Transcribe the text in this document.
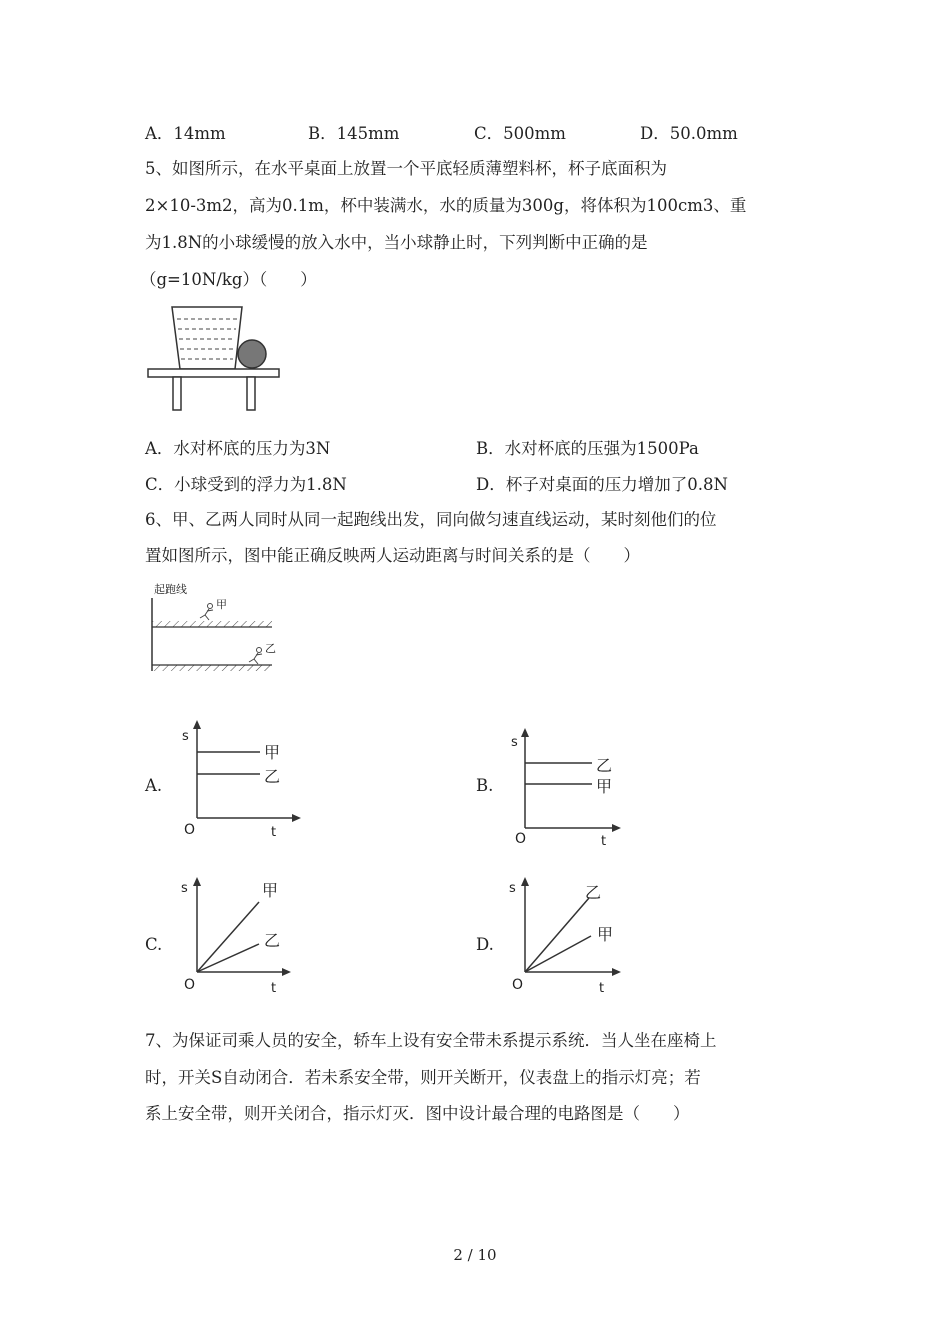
A．14mm	B．145mm	C．500mm	D．50.0mm
5、如图所示，在水平桌面上放置一个平底轻质薄塑料杯，杯子底面积为
2×10-3m2，高为0.1m，杯中装满水，水的质量为300g，将体积为100cm3、重
为1.8N的小球缓慢的放入水中，当小球静止时，下列判断中正确的是
（g=10N/kg）（　　）
A．水对杯底的压力为3N	B．水对杯底的压强为1500Pa
C．小球受到的浮力为1.8N	D．杯子对桌面的压力增加了0.8N
6、甲、乙两人同时从同一起跑线出发，同向做匀速直线运动，某时刻他们的位
置如图所示，图中能正确反映两人运动距离与时间关系的是（　　）
起跑线
甲
乙
A.
s
O	t
甲
乙	B.
s
O	t
乙
甲
C.
s
O	t
甲
乙	D.
s
O	t
乙
甲
7、为保证司乘人员的安全，轿车上设有安全带未系提示系统．当人坐在座椅上
时，开关S自动闭合．若未系安全带，则开关断开，仪表盘上的指示灯亮；若
系上安全带，则开关闭合，指示灯灭．图中设计最合理的电路图是（　　）
2 / 10
